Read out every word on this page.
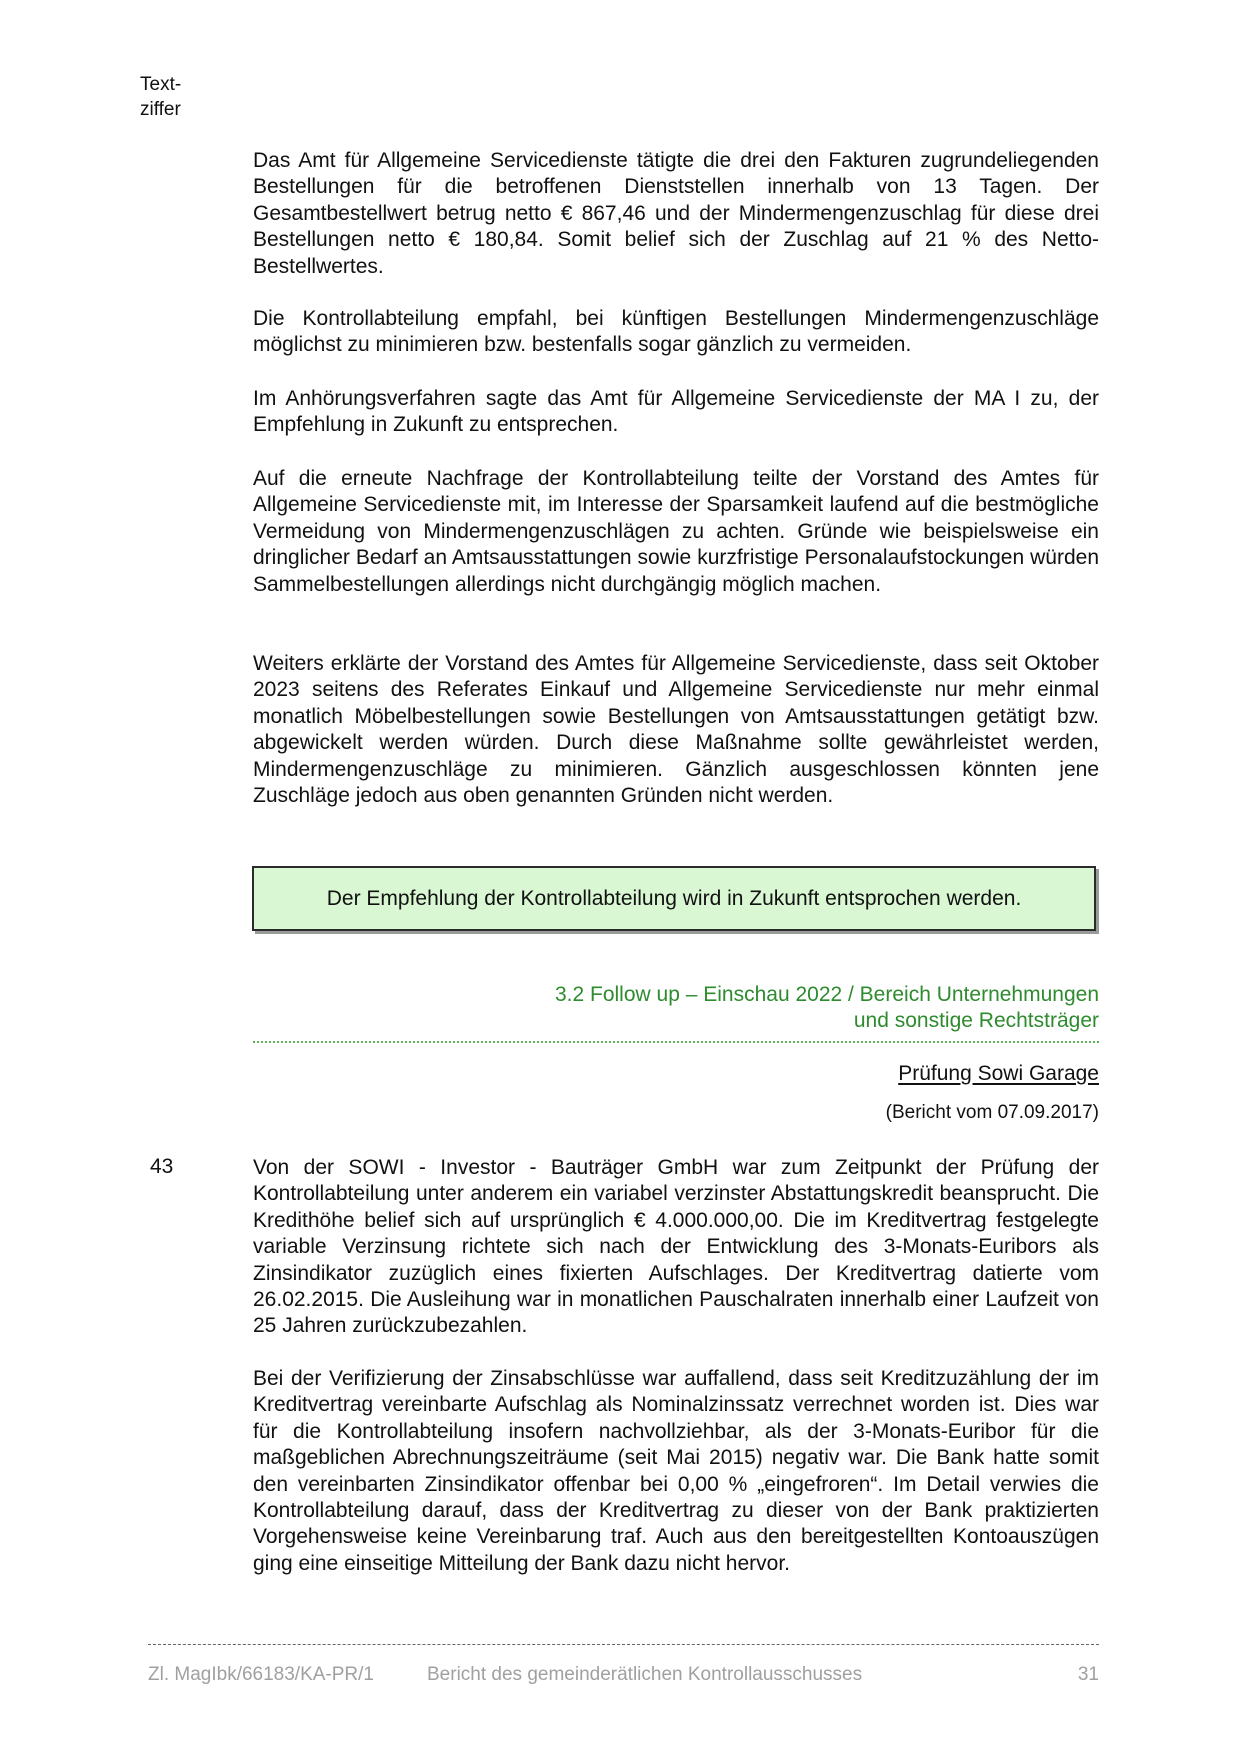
Text-
ziffer

Das Amt für Allgemeine Servicedienste tätigte die drei den Fakturen zugrundeliegenden Bestellungen für die betroffenen Dienststellen innerhalb von 13 Tagen. Der Gesamtbestellwert betrug netto € 867,46 und der Mindermengenzuschlag für diese drei Bestellungen netto € 180,84. Somit belief sich der Zuschlag auf 21 % des NettoBestellwertes.

Die Kontrollabteilung empfahl, bei künftigen Bestellungen Mindermengenzuschläge möglichst zu minimieren bzw. bestenfalls sogar gänzlich zu vermeiden.

Im Anhörungsverfahren sagte das Amt für Allgemeine Servicedienste der MA I zu, der Empfehlung in Zukunft zu entsprechen.

Auf die erneute Nachfrage der Kontrollabteilung teilte der Vorstand des Amtes für Allgemeine Servicedienste mit, im Interesse der Sparsamkeit laufend auf die bestmögliche Vermeidung von Mindermengenzuschlägen zu achten. Gründe wie beispielsweise ein dringlicher Bedarf an Amtsausstattungen sowie kurzfristige Personalaufstockungen würden Sammelbestellungen allerdings nicht durchgängig möglich machen.

Weiters erklärte der Vorstand des Amtes für Allgemeine Servicedienste, dass seit Oktober 2023 seitens des Referates Einkauf und Allgemeine Servicedienste nur mehr einmal monatlich Möbelbestellungen sowie Bestellungen von Amtsausstattungen getätigt bzw. abgewickelt werden würden. Durch diese Maßnahme sollte gewährleistet werden, Mindermengenzuschläge zu minimieren. Gänzlich ausgeschlossen könnten jene Zuschläge jedoch aus oben genannten Gründen nicht werden.

Der Empfehlung der Kontrollabteilung wird in Zukunft entsprochen werden.
3.2 Follow up – Einschau 2022 / Bereich Unternehmungen
und sonstige Rechtsträger
Prüfung Sowi Garage
(Bericht vom 07.09.2017)
43	Von der SOWI - Investor - Bauträger GmbH war zum Zeitpunkt der Prüfung der Kontrollabteilung unter anderem ein variabel verzinster Abstattungskredit beansprucht. Die Kredithöhe belief sich auf ursprünglich € 4.000.000,00. Die im Kreditvertrag festgelegte variable Verzinsung richtete sich nach der Entwicklung des 3-Monats-Euribors als Zinsindikator zuzüglich eines fixierten Aufschlages. Der Kreditvertrag datierte vom 26.02.2015. Die Ausleihung war in monatlichen Pauschalraten innerhalb einer Laufzeit von 25 Jahren zurückzubezahlen.

Bei der Verifizierung der Zinsabschlüsse war auffallend, dass seit Kreditzuzählung der im Kreditvertrag vereinbarte Aufschlag als Nominalzinssatz verrechnet worden ist. Dies war für die Kontrollabteilung insofern nachvollziehbar, als der 3-Monats-Euribor für die maßgeblichen Abrechnungszeiträume (seit Mai 2015) negativ war. Die Bank hatte somit den vereinbarten Zinsindikator offenbar bei 0,00 % „eingefroren“. Im Detail verwies die Kontrollabteilung darauf, dass der Kreditvertrag zu dieser von der Bank praktizierten Vorgehensweise keine Vereinbarung traf. Auch aus den bereitgestellten Kontoauszügen ging eine einseitige Mitteilung der Bank dazu nicht hervor.

Zl. MagIbk/66183/KA-PR/1	Bericht des gemeinderätlichen Kontrollausschusses	31
